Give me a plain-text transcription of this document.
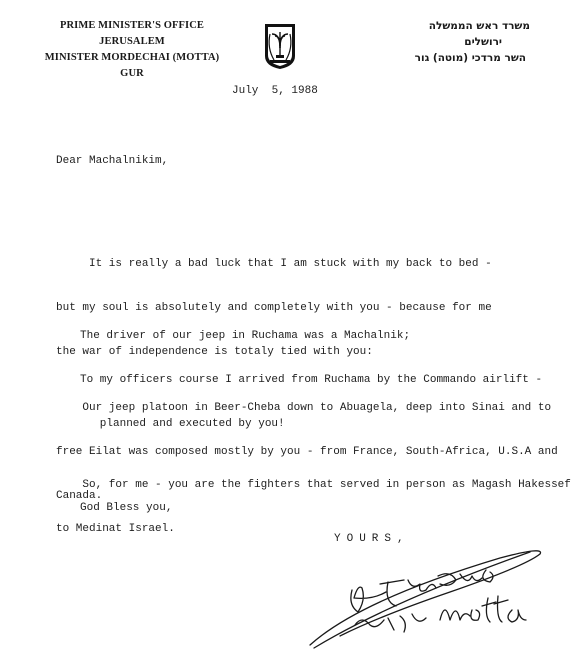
PRIME MINISTER'S OFFICE
JERUSALEM
MINISTER MORDECHAI (MOTTA) GUR
משרד ראש הממשלה
ירושלים
השר מרדכי (מוטה) גור
July  5, 1988
Dear Machalnikim,

It is really a bad luck that I am stuck with my back to bed -

but my soul is absolutely and completely with you - because for me

the war of independence is totaly tied with you:

The driver of our jeep in Ruchama was a Machalnik;

To my officers course I arrived from Ruchama by the Commando airlift -

planned and executed by you!

Our jeep platoon in Beer-Cheba down to Abuagela, deep into Sinai and to

free Eilat was composed mostly by you - from France, South-Africa, U.S.A and

Canada.

So, for me - you are the fighters that served in person as Magash Hakessef

to Medinat Israel.

God Bless you,
YOURS,
